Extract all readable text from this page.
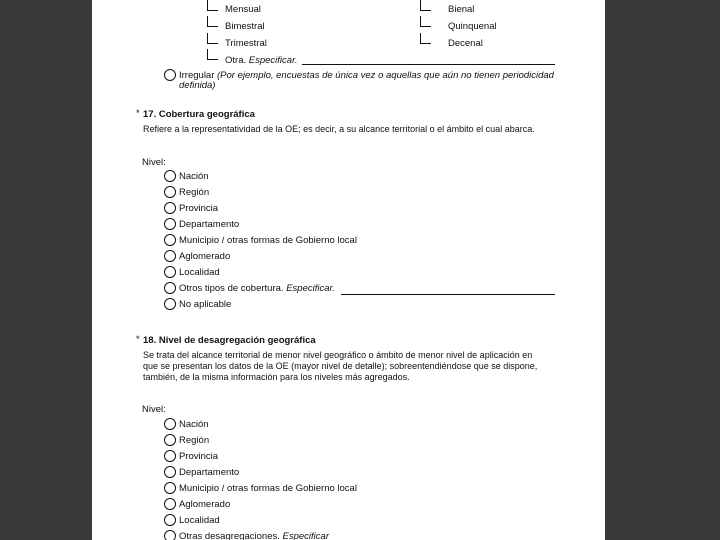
Mensual	Bienal
Bimestral	Quinquenal
Trimestral	Decenal
Otra. Especificar.
Irregular (Por ejemplo, encuestas de única vez o aquellas que aún no tienen periodicidad
definida)
* 17. Cobertura geográfica
Refiere a la representatividad de la OE; es decir, a su alcance territorial o el ámbito el cual abarca.
Nivel:
Nación
Región
Provincia
Departamento
Municipio / otras formas de Gobierno local
Aglomerado
Localidad
Otros tipos de cobertura. Especificar.
No aplicable
* 18. Nivel de desagregación geográfica
Se trata del alcance territorial de menor nivel geográfico o ámbito de menor nivel de aplicación en
que se presentan los datos de la OE (mayor nivel de detalle); sobreentendiéndose que se dispone,
también, de la misma información para los niveles más agregados.
Nivel:
Nación
Región
Provincia
Departamento
Municipio / otras formas de Gobierno local
Aglomerado
Localidad
Otras desagregaciones. Especificar
